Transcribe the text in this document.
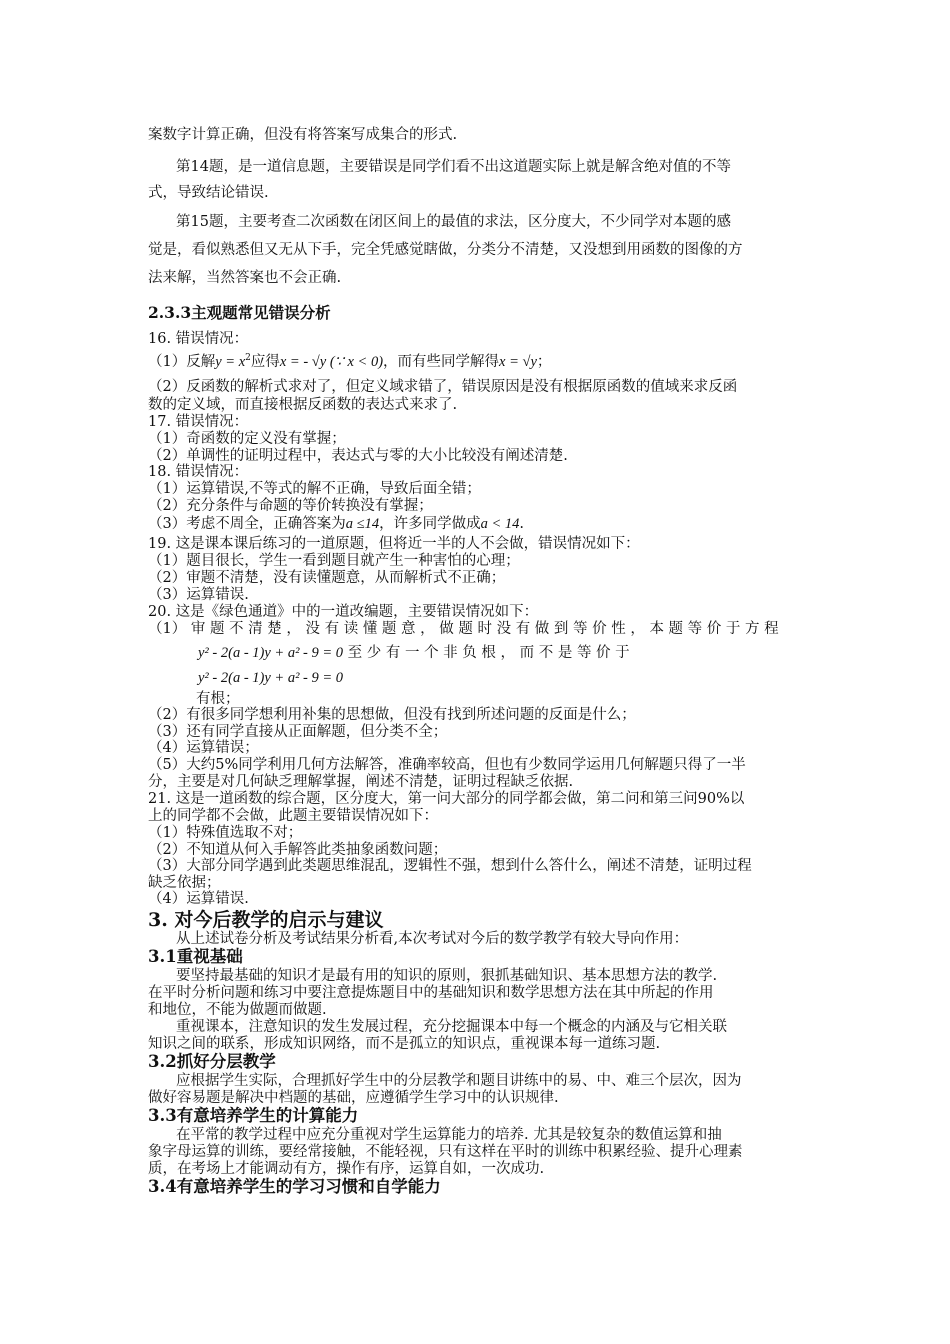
案数字计算正确，但没有将答案写成集合的形式.
第14题，是一道信息题，主要错误是同学们看不出这道题实际上就是解含绝对值的不等
式，导致结论错误.
第15题，主要考查二次函数在闭区间上的最值的求法，区分度大，不少同学对本题的感
觉是，看似熟悉但又无从下手，完全凭感觉瞎做，分类分不清楚，又没想到用函数的图像的方
法来解，当然答案也不会正确.
2.3.3主观题常见错误分析
16. 错误情况：
（1）反解$y = x^2$应得x = - √y (∵ x < 0)，而有些同学解得x = √y；
（2）反函数的解析式求对了，但定义域求错了，错误原因是没有根据原函数的值域来求反函
数的定义域，而直接根据反函数的表达式来求了.
17. 错误情况：
（1）奇函数的定义没有掌握；
（2）单调性的证明过程中，表达式与零的大小比较没有阐述清楚.
18. 错误情况：
（1）运算错误,不等式的解不正确，导致后面全错；
（2）充分条件与命题的等价转换没有掌握；
（3）考虑不周全，正确答案为a ≤14，许多同学做成a < 14.
19. 这是课本课后练习的一道原题，但将近一半的人不会做，错误情况如下：
（1）题目很长，学生一看到题目就产生一种害怕的心理；
（2）审题不清楚，没有读懂题意，从而解析式不正确；
（3）运算错误.
20. 这是《绿色通道》中的一道改编题，主要错误情况如下：
（1） 审 题 不 清 楚 ， 没 有 读 懂 题 意 ， 做 题 时 没 有 做 到 等 价 性 ， 本 题 等 价 于 方 程
y² - 2(a - 1)y + a² - 9 = 0 至 少 有 一 个 非 负 根 ， 而 不 是 等 价 于
y² - 2(a - 1)y + a² - 9 = 0
有根；
（2）有很多同学想利用补集的思想做，但没有找到所述问题的反面是什么；
（3）还有同学直接从正面解题，但分类不全；
（4）运算错误；
（5）大约5%同学利用几何方法解答，准确率较高，但也有少数同学运用几何解题只得了一半
分，主要是对几何缺乏理解掌握，阐述不清楚，证明过程缺乏依据.
21. 这是一道函数的综合题，区分度大，第一问大部分的同学都会做，第二问和第三问90%以
上的同学都不会做，此题主要错误情况如下：
（1）特殊值选取不对；
（2）不知道从何入手解答此类抽象函数问题；
（3）大部分同学遇到此类题思维混乱，逻辑性不强，想到什么答什么，阐述不清楚，证明过程
缺乏依据；
（4）运算错误.
3. 对今后教学的启示与建议
从上述试卷分析及考试结果分析看,本次考试对今后的数学教学有较大导向作用：
3.1重视基础
要坚持最基础的知识才是最有用的知识的原则，狠抓基础知识、基本思想方法的教学.
在平时分析问题和练习中要注意提炼题目中的基础知识和数学思想方法在其中所起的作用
和地位，不能为做题而做题.
重视课本，注意知识的发生发展过程，充分挖掘课本中每一个概念的内涵及与它相关联
知识之间的联系，形成知识网络，而不是孤立的知识点，重视课本每一道练习题.
3.2抓好分层教学
应根据学生实际，合理抓好学生中的分层教学和题目讲练中的易、中、难三个层次，因为
做好容易题是解决中档题的基础，应遵循学生学习中的认识规律.
3.3有意培养学生的计算能力
在平常的教学过程中应充分重视对学生运算能力的培养. 尤其是较复杂的数值运算和抽
象字母运算的训练，要经常接触，不能轻视，只有这样在平时的训练中积累经验、提升心理素
质，在考场上才能调动有方，操作有序，运算自如，一次成功.
3.4有意培养学生的学习习惯和自学能力
